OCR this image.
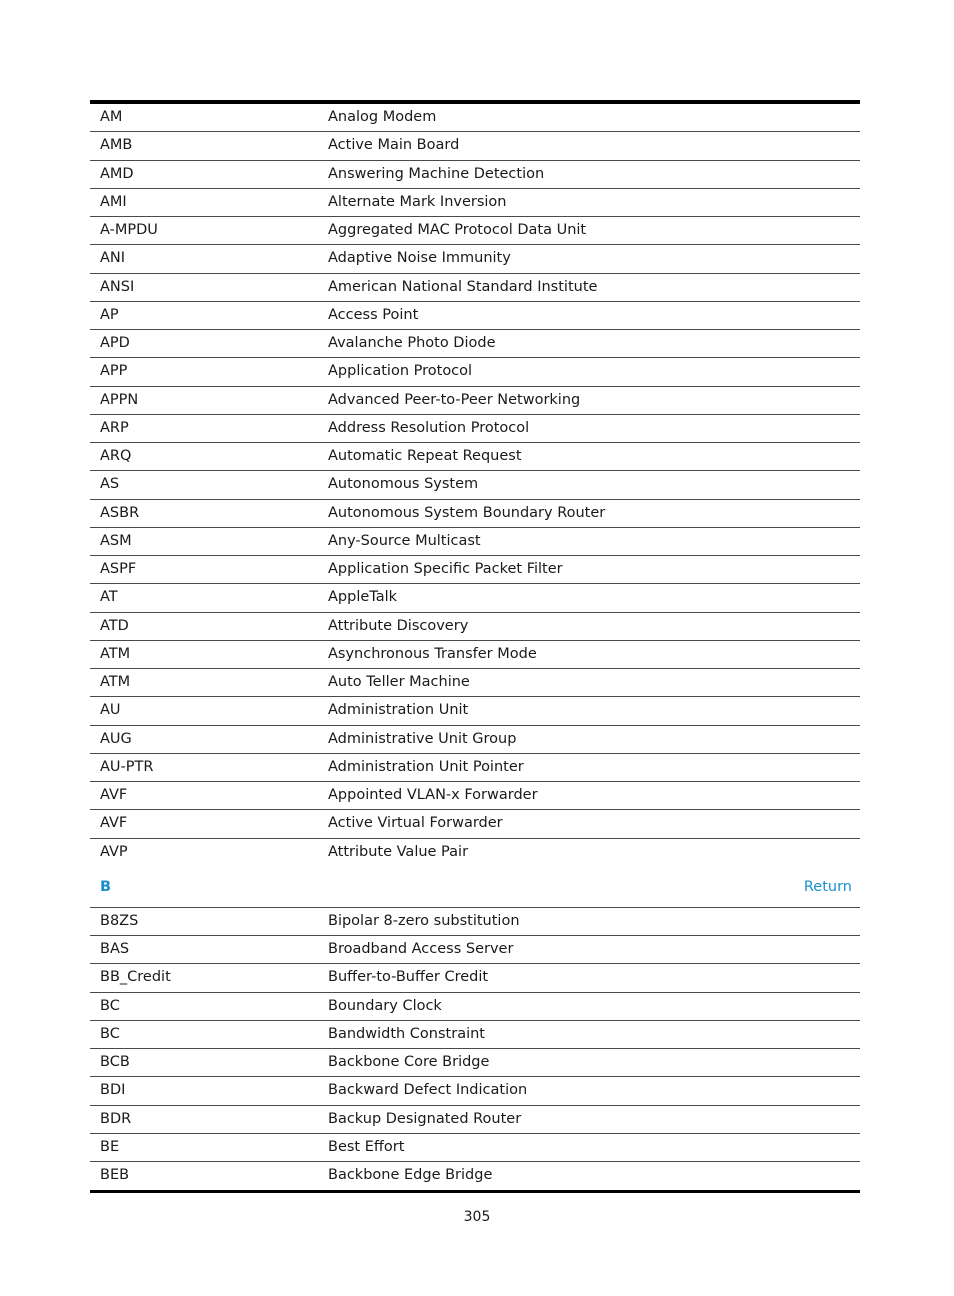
AM	Analog Modem
AMB	Active Main Board
AMD	Answering Machine Detection
AMI	Alternate Mark Inversion
A-MPDU	Aggregated MAC Protocol Data Unit
ANI	Adaptive Noise Immunity
ANSI	American National Standard Institute
AP	Access Point
APD	Avalanche Photo Diode
APP	Application Protocol
APPN	Advanced Peer-to-Peer Networking
ARP	Address Resolution Protocol
ARQ	Automatic Repeat Request
AS	Autonomous System
ASBR	Autonomous System Boundary Router
ASM	Any-Source Multicast
ASPF	Application Specific Packet Filter
AT	AppleTalk
ATD	Attribute Discovery
ATM	Asynchronous Transfer Mode
ATM	Auto Teller Machine
AU	Administration Unit
AUG	Administrative Unit Group
AU-PTR	Administration Unit Pointer
AVF	Appointed VLAN-x Forwarder
AVF	Active Virtual Forwarder
AVP	Attribute Value Pair
B	Return
B8ZS	Bipolar 8-zero substitution
BAS	Broadband Access Server
BB_Credit	Buffer-to-Buffer Credit
BC	Boundary Clock
BC	Bandwidth Constraint
BCB	Backbone Core Bridge
BDI	Backward Defect Indication
BDR	Backup Designated Router
BE	Best Effort
BEB	Backbone Edge Bridge
305
